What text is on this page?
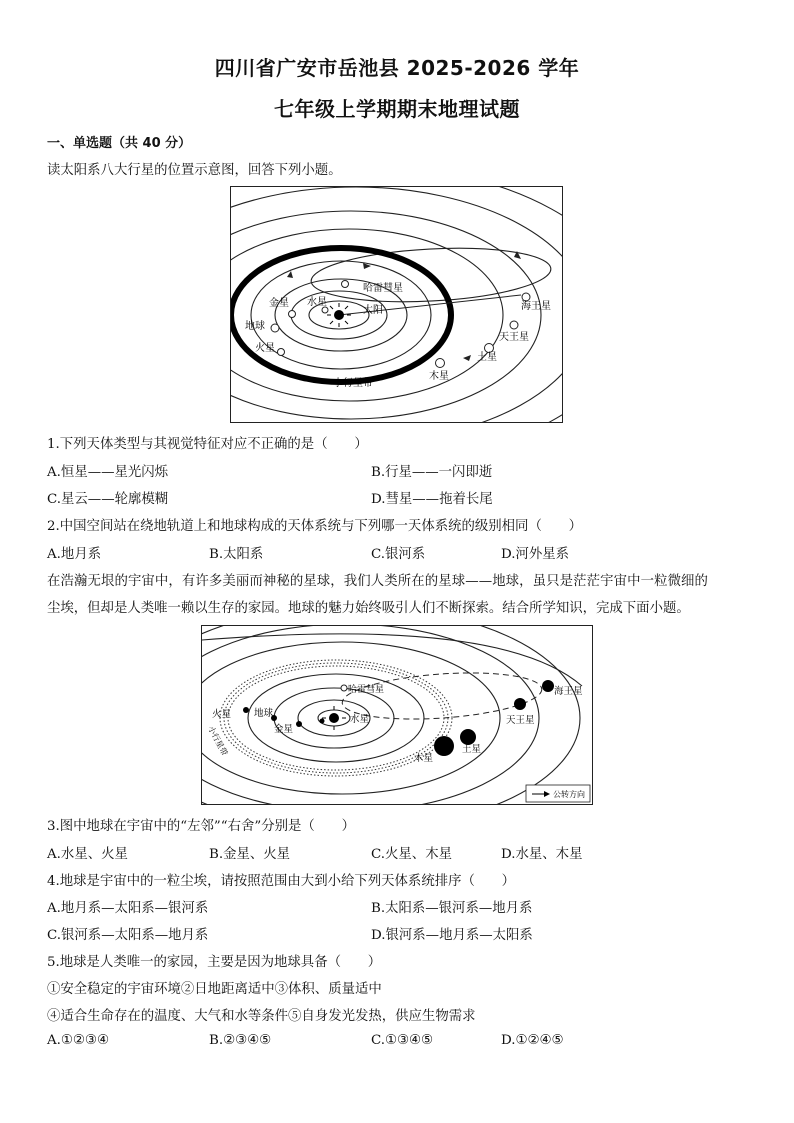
四川省广安市岳池县 2025-2026 学年
七年级上学期期末地理试题
一、单选题（共 40 分）
读太阳系八大行星的位置示意图，回答下列小题。
哈雷彗星
金星 水星
太阳
地球
火星
小行星带
木星
土星
天王星
海王星
1.下列天体类型与其视觉特征对应不正确的是（　　）
A.恒星——星光闪烁	B.行星——一闪即逝
C.星云——轮廓模糊	D.彗星——拖着长尾
2.中国空间站在绕地轨道上和地球构成的天体系统与下列哪一天体系统的级别相同（　　）
A.地月系	B.太阳系	C.银河系	D.河外星系
在浩瀚无垠的宇宙中，有许多美丽而神秘的星球，我们人类所在的星球——地球，虽只是茫茫宇宙中一粒微细的
尘埃，但却是人类唯一赖以生存的家园。地球的魅力始终吸引人们不断探索。结合所学知识，完成下面小题。
哈雷彗星
火星 地球
金星
水星
小行星带
木星
土星
天王星
海王星
公转方向
3.图中地球在宇宙中的“左邻”“右舍”分别是（　　）
A.水星、火星	B.金星、火星	C.火星、木星	D.水星、木星
4.地球是宇宙中的一粒尘埃，请按照范围由大到小给下列天体系统排序（　　）
A.地月系—太阳系—银河系	B.太阳系—银河系—地月系
C.银河系—太阳系—地月系	D.银河系—地月系—太阳系
5.地球是人类唯一的家园，主要是因为地球具备（　　）
①安全稳定的宇宙环境②日地距离适中③体积、质量适中
④适合生命存在的温度、大气和水等条件⑤自身发光发热，供应生物需求
A.①②③④	B.②③④⑤	C.①③④⑤	D.①②④⑤
